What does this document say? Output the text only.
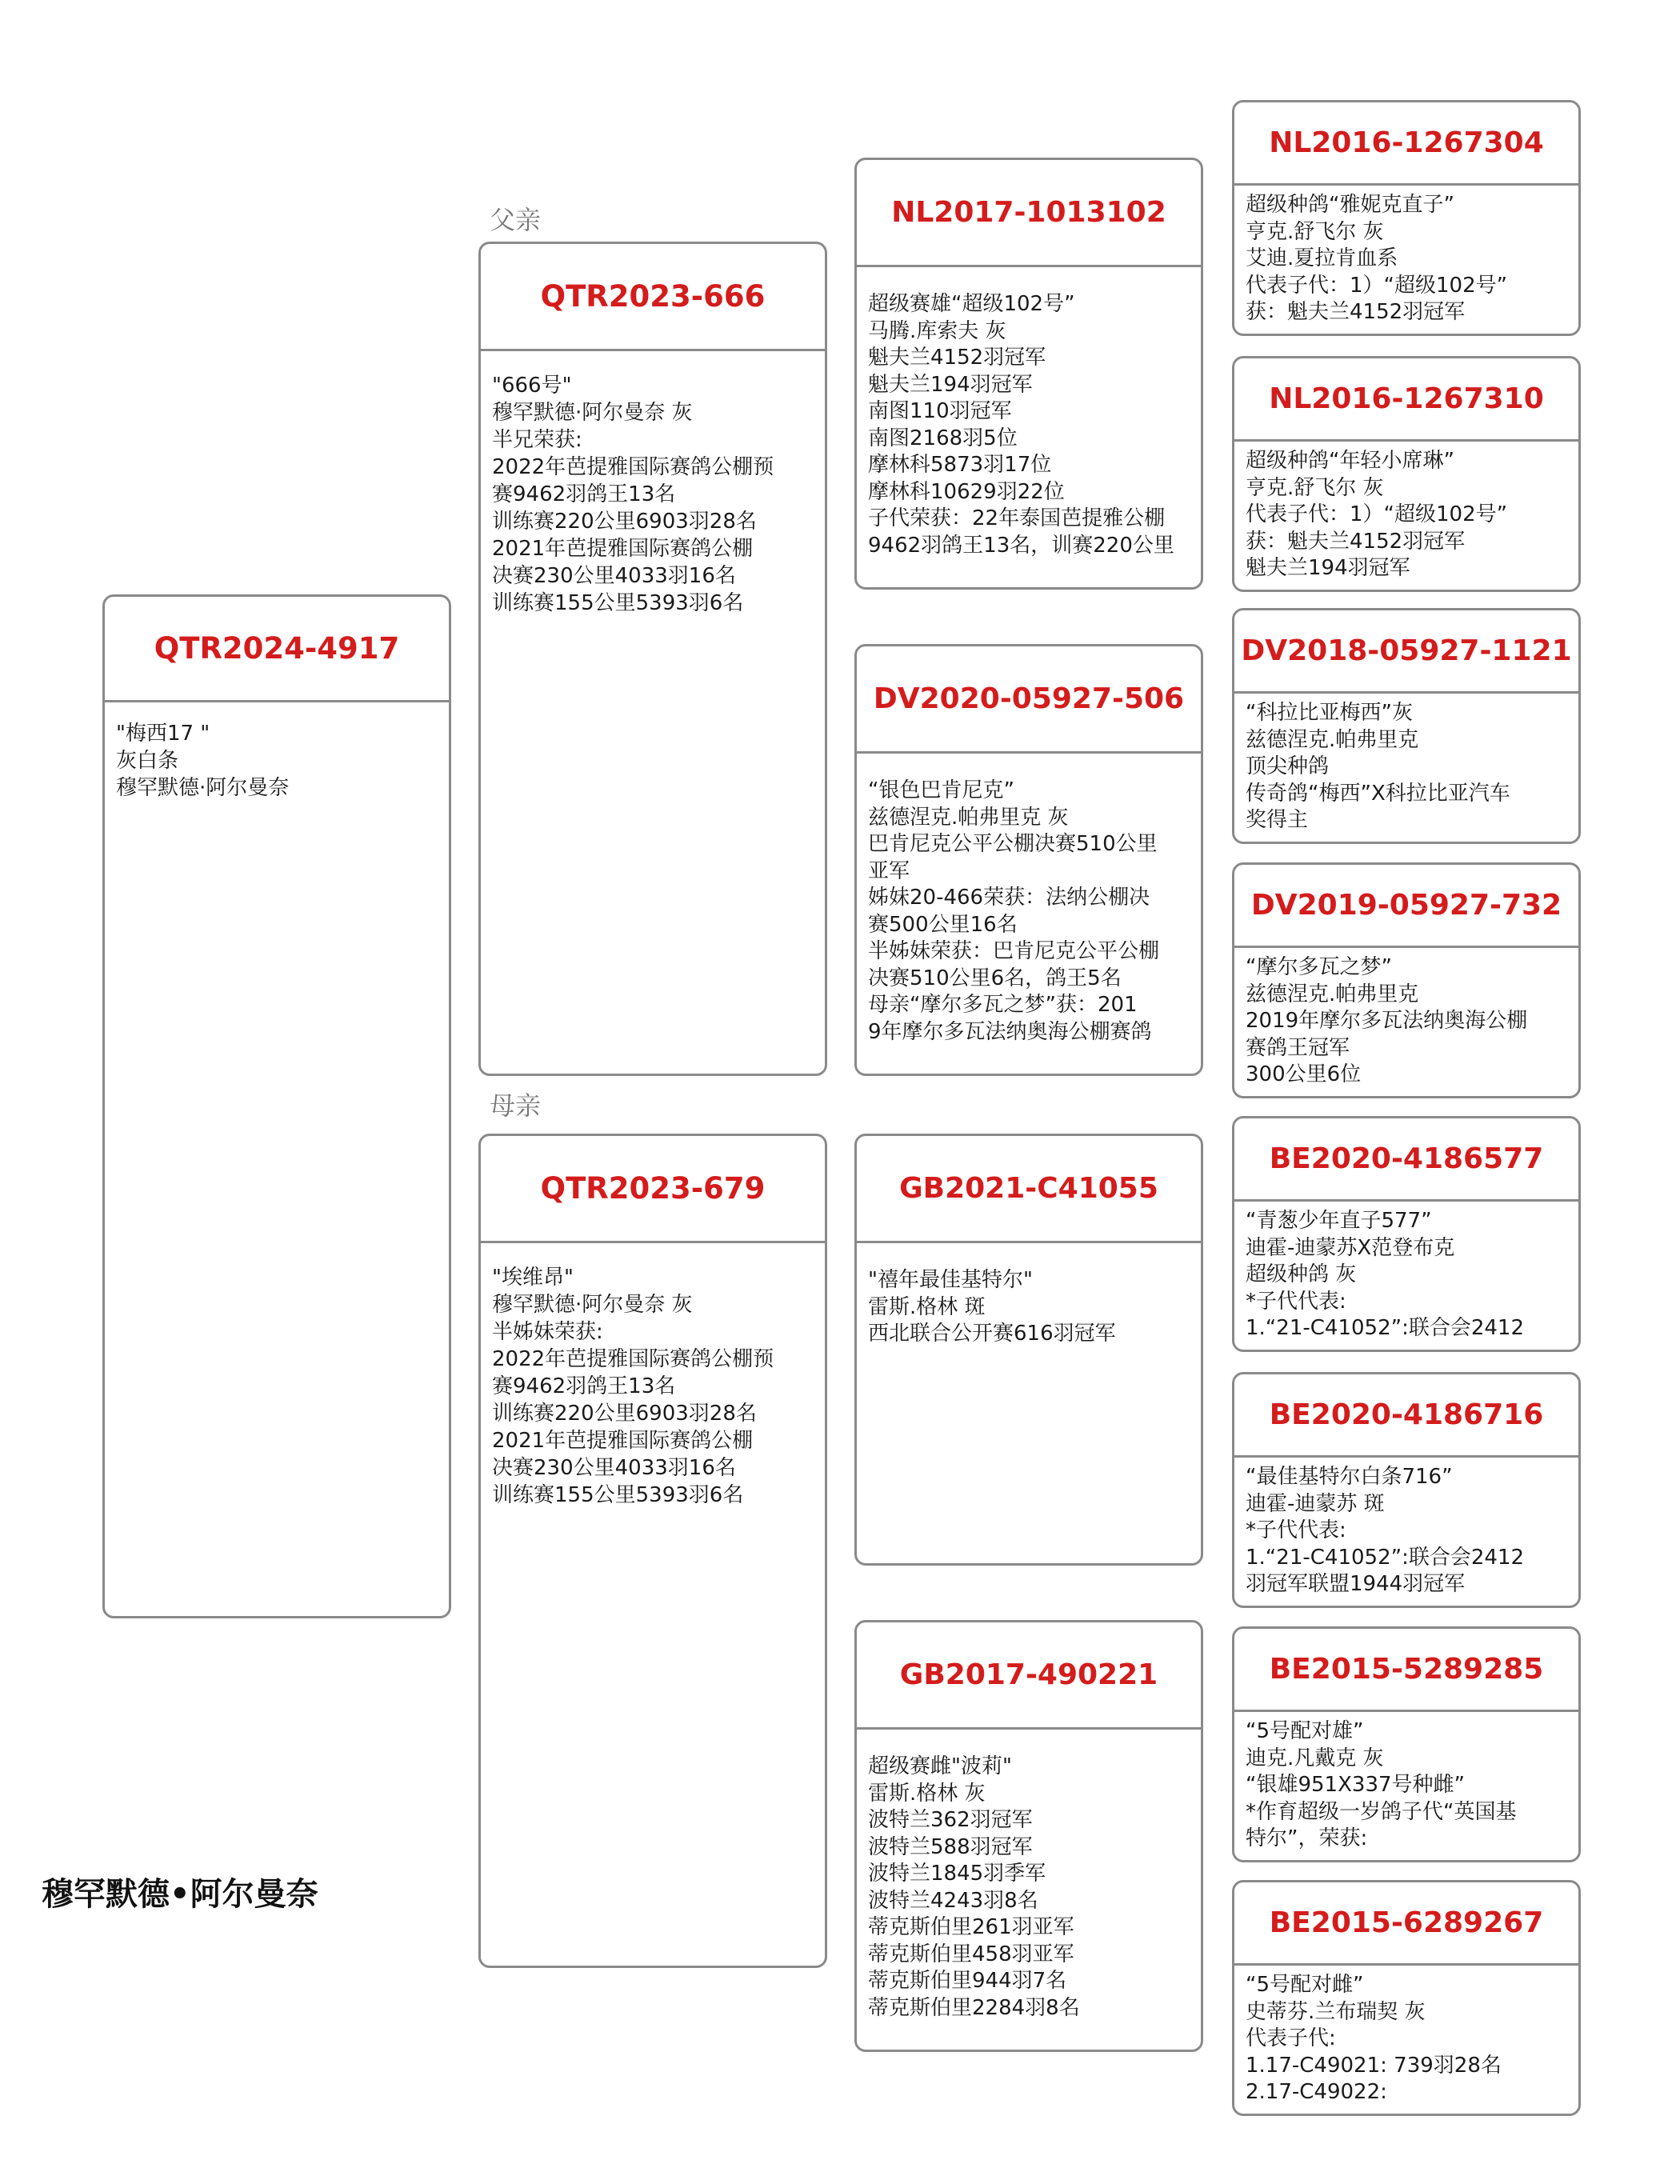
父亲
母亲
QTR2024-4917
"梅西17 "
灰白条
穆罕默德·阿尔曼奈
QTR2023-666
"666号"
穆罕默德·阿尔曼奈 灰
半兄荣获:
2022年芭提雅国际赛鸽公棚预
赛9462羽鸽王13名
训练赛220公里6903羽28名
2021年芭提雅国际赛鸽公棚
决赛230公里4033羽16名
训练赛155公里5393羽6名
QTR2023-679
"埃维昂"
穆罕默德·阿尔曼奈 灰
半姊妹荣获:
2022年芭提雅国际赛鸽公棚预
赛9462羽鸽王13名
训练赛220公里6903羽28名
2021年芭提雅国际赛鸽公棚
决赛230公里4033羽16名
训练赛155公里5393羽6名
NL2017-1013102
超级赛雄“超级102号”
马腾.库索夫 灰
魁夫兰4152羽冠军
魁夫兰194羽冠军
南图110羽冠军
南图2168羽5位
摩林科5873羽17位
摩林科10629羽22位
子代荣获：22年泰国芭提雅公棚
9462羽鸽王13名，训赛220公里
DV2020-05927-506
“银色巴肯尼克”
兹德涅克.帕弗里克 灰
巴肯尼克公平公棚决赛510公里
亚军
姊妹20-466荣获：法纳公棚决
赛500公里16名
半姊妹荣获：巴肯尼克公平公棚
决赛510公里6名，鸽王5名
母亲“摩尔多瓦之梦”获：201
9年摩尔多瓦法纳奥海公棚赛鸽
GB2021-C41055
"禧年最佳基特尔"
雷斯.格林 斑
西北联合公开赛616羽冠军
GB2017-490221
超级赛雌"波莉"
雷斯.格林 灰
波特兰362羽冠军
波特兰588羽冠军
波特兰1845羽季军
波特兰4243羽8名
蒂克斯伯里261羽亚军
蒂克斯伯里458羽亚军
蒂克斯伯里944羽7名
蒂克斯伯里2284羽8名
NL2016-1267304
超级种鸽“雅妮克直子”
亨克.舒飞尔 灰
艾迪.夏拉肯血系
代表子代：1）“超级102号”
获：魁夫兰4152羽冠军
NL2016-1267310
超级种鸽“年轻小席琳”
亨克.舒飞尔 灰
代表子代：1）“超级102号”
获：魁夫兰4152羽冠军
魁夫兰194羽冠军
DV2018-05927-1121
“科拉比亚梅西”灰
兹德涅克.帕弗里克
顶尖种鸽
传奇鸽“梅西”X科拉比亚汽车
奖得主
DV2019-05927-732
“摩尔多瓦之梦”
兹德涅克.帕弗里克
2019年摩尔多瓦法纳奥海公棚
赛鸽王冠军
300公里6位
BE2020-4186577
“青葱少年直子577”
迪霍-迪蒙苏X范登布克
超级种鸽 灰
*子代代表:
1.“21-C41052”:联合会2412
BE2020-4186716
“最佳基特尔白条716”
迪霍-迪蒙苏 斑
*子代代表:
1.“21-C41052”:联合会2412
羽冠军联盟1944羽冠军
BE2015-5289285
“5号配对雄”
迪克.凡戴克 灰
“银雄951X337号种雌”
*作育超级一岁鸽子代“英国基
特尔”，荣获:
BE2015-6289267
“5号配对雌”
史蒂芬.兰布瑞契 灰
代表子代:
1.17-C49021: 739羽28名
2.17-C49022:
穆罕默德•阿尔曼奈
